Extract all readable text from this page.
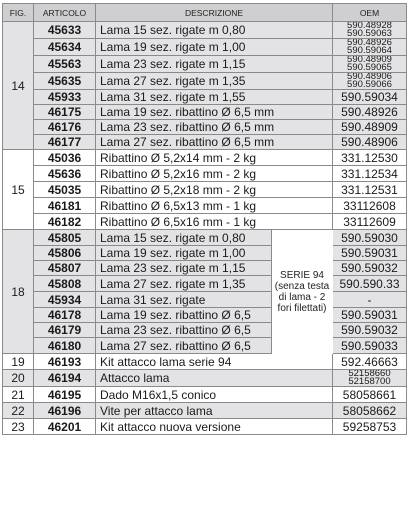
FIG.	ARTICOLO	DESCRIZIONE	OEM
14	45633	Lama 15 sez. rigate m 0,80	590.48928
590.59063

	45634	Lama 19 sez. rigate m 1,00	590.48926
590.59064

	45563	Lama 23 sez. rigate m 1,15	590.48909
590.59065

	45635	Lama 27 sez. rigate m 1,35	590.48906
590.59066

	45933	Lama 31 sez. rigate m 1,55	590.59034
	46175	Lama 19 sez. ribattino Ø 6,5 mm	590.48926
	46176	Lama 23 sez. ribattino Ø 6,5 mm	590.48909
	46177	Lama 27 sez. ribattino Ø 6,5 mm	590.48906
15	45036	Ribattino Ø 5,2x14 mm - 2 kg	331.12530
	45636	Ribattino Ø 5,2x16 mm - 2 kg	331.12534
	45035	Ribattino Ø 5,2x18 mm - 2 kg	331.12531
	46181	Ribattino Ø 6,5x13 mm - 1 kg	33112608
	46182	Ribattino Ø 6,5x16 mm - 1 kg	33112609
18	45805	Lama 15 sez. rigate m 0,80	590.59030
	45806	Lama 19 sez. rigate m 1,00	590.59031
	45807	Lama 23 sez. rigate m 1,15	590.59032
	45808	Lama 27 sez. rigate m 1,35	590.590.33
	45934	Lama 31 sez. rigate	-
	46178	Lama 19 sez. ribattino Ø 6,5	590.59031
	46179	Lama 23 sez. ribattino Ø 6,5	590.59032
	46180	Lama 27 sez. ribattino Ø 6,5	590.59033
19	46193	Kit attacco lama serie 94	592.46663
20	46194	Attacco lama	52158660
52158700

21	46195	Dado M16x1,5 conico	58058661
22	46196	Vite per attacco lama	58058662
23	46201	Kit attacco nuova versione	59258753
SERIE 94 (senza testa di lama - 2 fori filettati)
